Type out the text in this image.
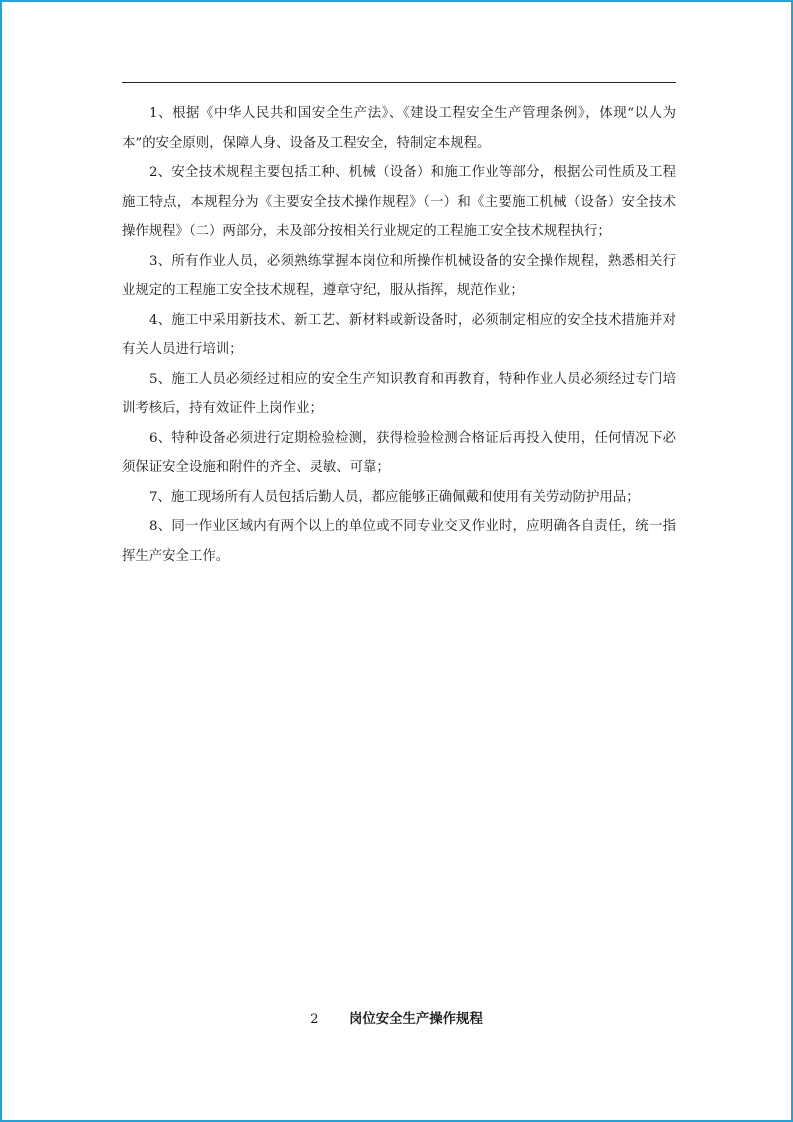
1、根据《中华人民共和国安全生产法》、《建设工程安全生产管理条例》，体现“以人为本”的安全原则，保障人身、设备及工程安全，特制定本规程。

2、安全技术规程主要包括工种、机械（设备）和施工作业等部分，根据公司性质及工程施工特点，本规程分为《主要安全技术操作规程》（一）和《主要施工机械（设备）安全技术操作规程》（二）两部分，未及部分按相关行业规定的工程施工安全技术规程执行；

3、所有作业人员，必须熟练掌握本岗位和所操作机械设备的安全操作规程，熟悉相关行业规定的工程施工安全技术规程，遵章守纪，服从指挥，规范作业；

4、施工中采用新技术、新工艺、新材料或新设备时，必须制定相应的安全技术措施并对有关人员进行培训；

5、施工人员必须经过相应的安全生产知识教育和再教育，特种作业人员必须经过专门培训考核后，持有效证件上岗作业；

6、特种设备必须进行定期检验检测，获得检验检测合格证后再投入使用，任何情况下必须保证安全设施和附件的齐全、灵敏、可靠；

7、施工现场所有人员包括后勤人员，都应能够正确佩戴和使用有关劳动防护用品；

8、同一作业区域内有两个以上的单位或不同专业交叉作业时，应明确各自责任，统一指挥生产安全工作。

2 岗位安全生产操作规程
